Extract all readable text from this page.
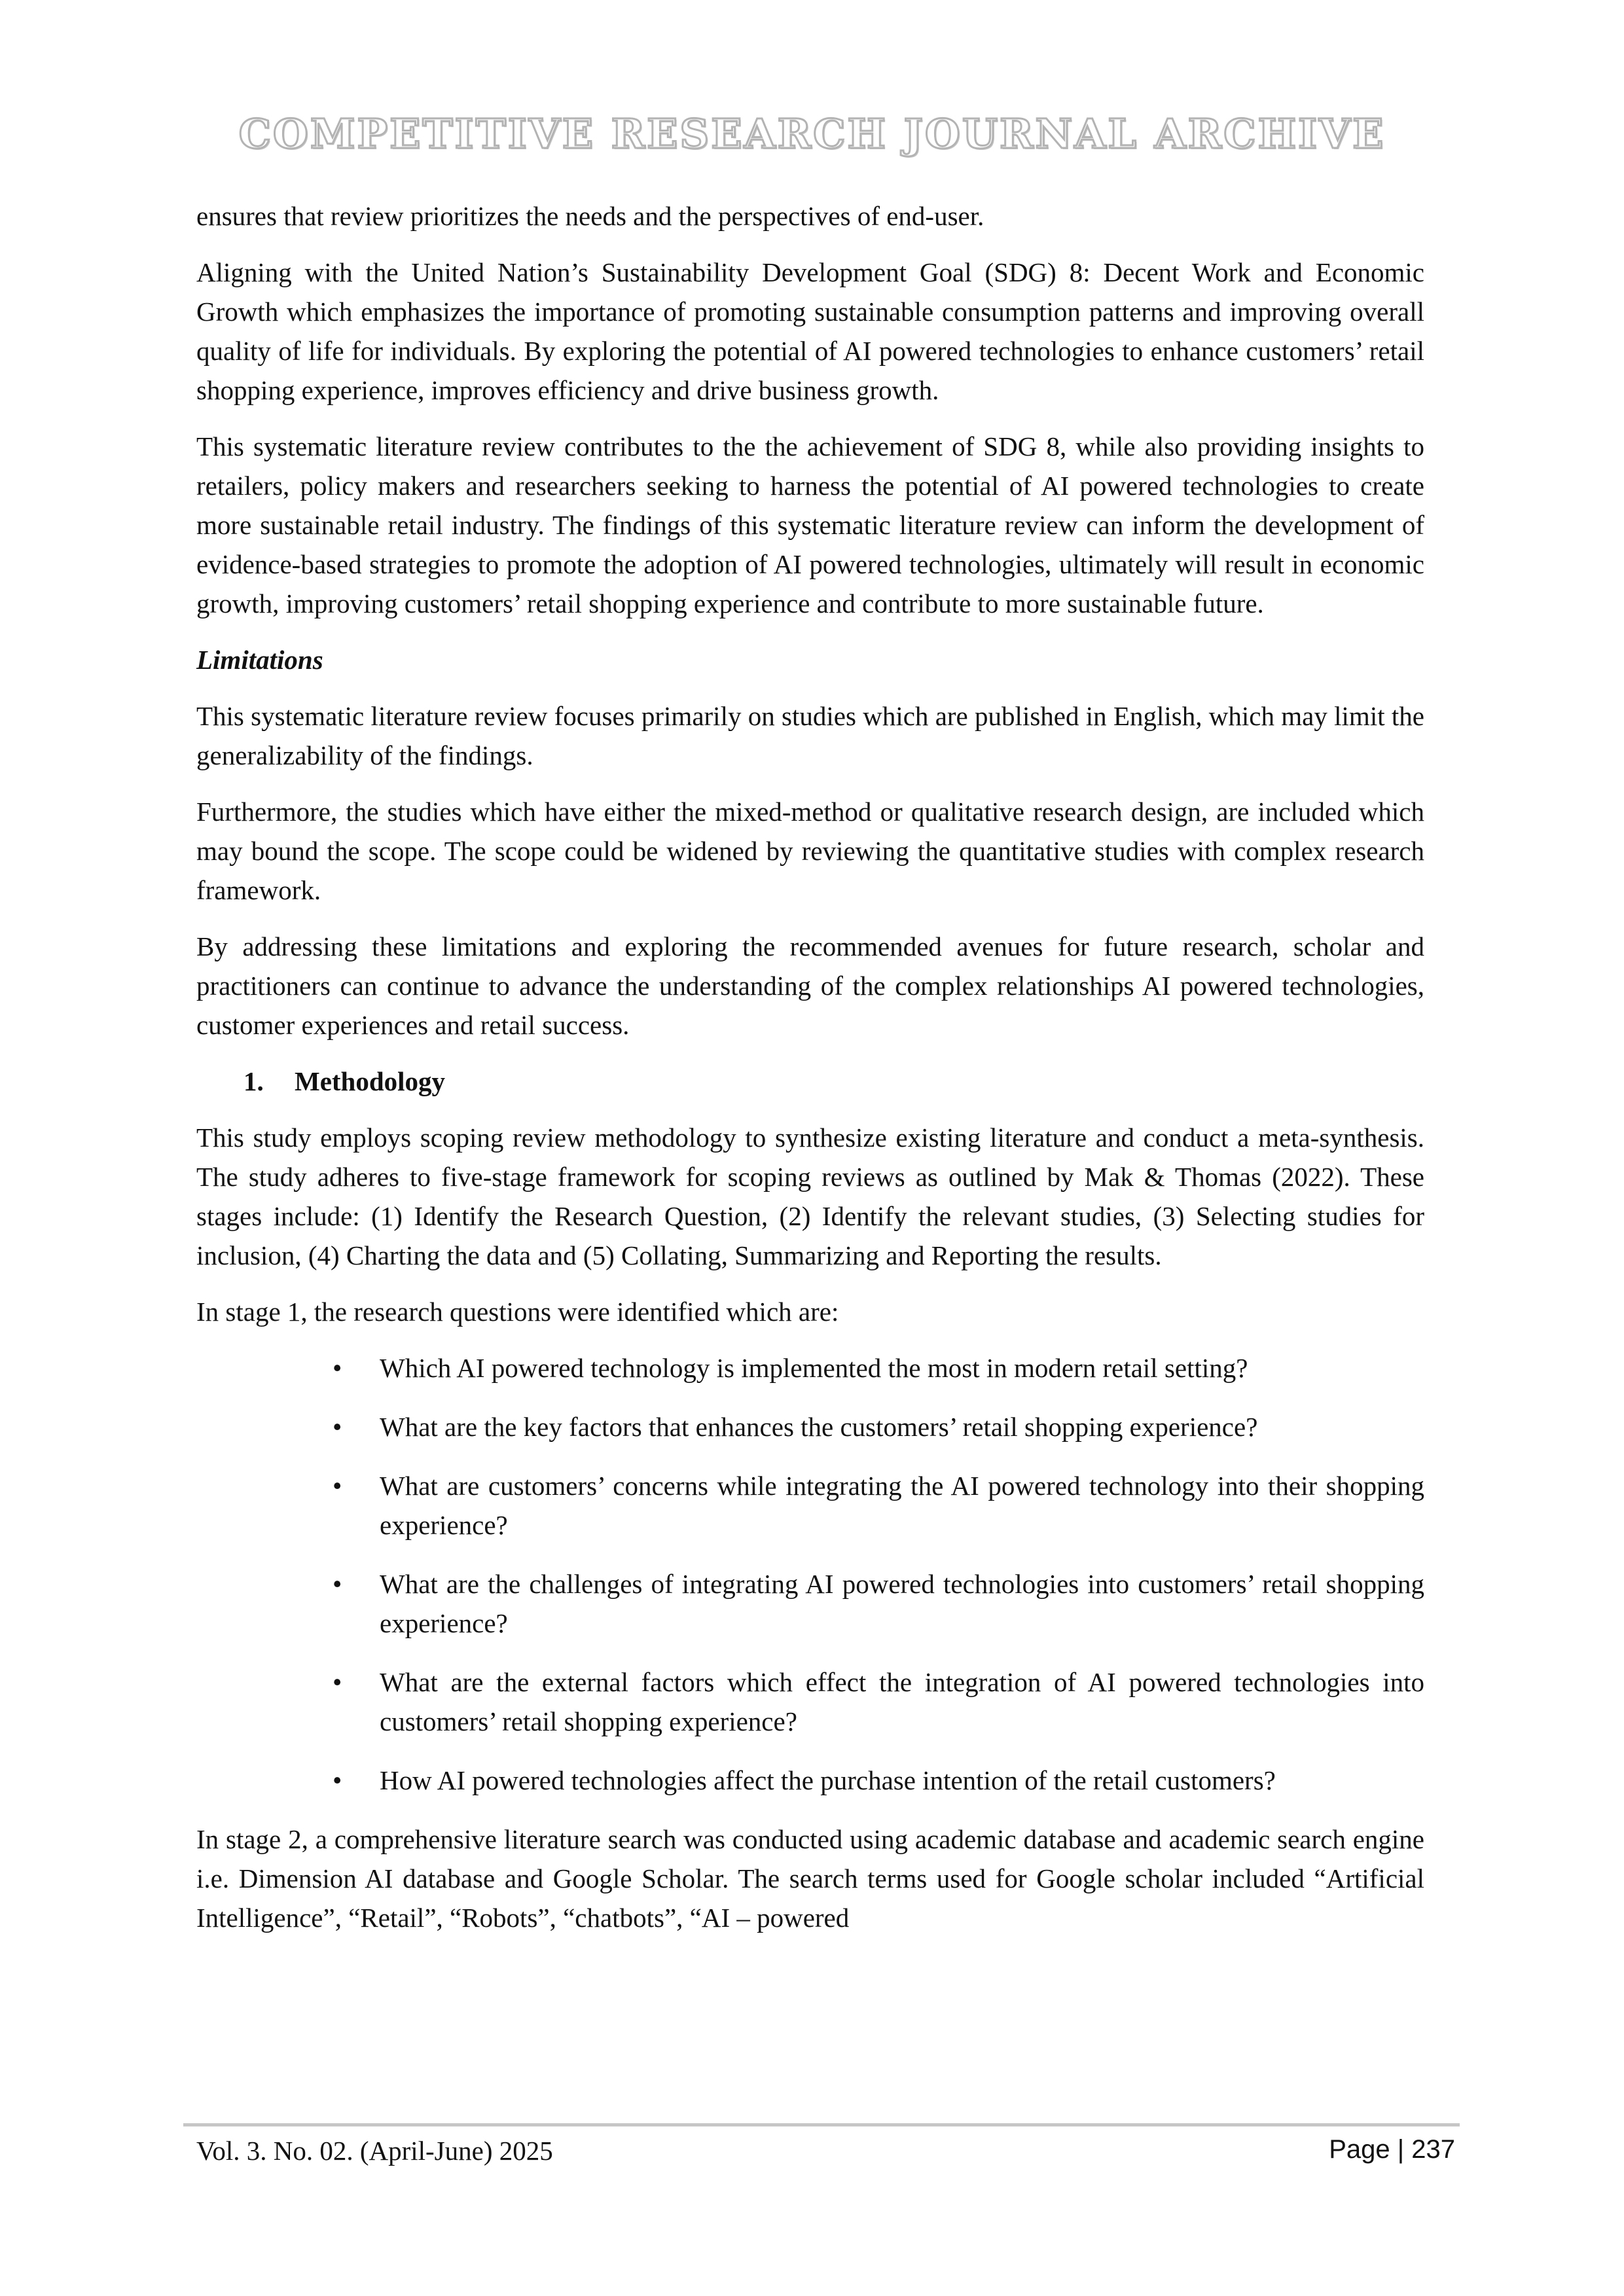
COMPETITIVE RESEARCH JOURNAL ARCHIVE

ensures that review prioritizes the needs and the perspectives of end-user.

Aligning with the United Nation’s Sustainability Development Goal (SDG) 8: Decent Work and Economic Growth which emphasizes the importance of promoting sustainable consumption patterns and improving overall quality of life for individuals. By exploring the potential of AI powered technologies to enhance customers’ retail shopping experience, improves efficiency and drive business growth.

This systematic literature review contributes to the the achievement of SDG 8, while also providing insights to retailers, policy makers and researchers seeking to harness the potential of AI powered technologies to create more sustainable retail industry. The findings of this systematic literature review can inform the development of evidence-based strategies to promote the adoption of AI powered technologies, ultimately will result in economic growth, improving customers’ retail shopping experience and contribute to more sustainable future.

Limitations

This systematic literature review focuses primarily on studies which are published in English, which may limit the generalizability of the findings.

Furthermore, the studies which have either the mixed-method or qualitative research design, are included which may bound the scope. The scope could be widened by reviewing the quantitative studies with complex research framework.

By addressing these limitations and exploring the recommended avenues for future research, scholar and practitioners can continue to advance the understanding of the complex relationships AI powered technologies, customer experiences and retail success.

1. Methodology

This study employs scoping review methodology to synthesize existing literature and conduct a meta-synthesis. The study adheres to five-stage framework for scoping reviews as outlined by Mak & Thomas (2022). These stages include: (1) Identify the Research Question, (2) Identify the relevant studies, (3) Selecting studies for inclusion, (4) Charting the data and (5) Collating, Summarizing and Reporting the results.

In stage 1, the research questions were identified which are:

• Which AI powered technology is implemented the most in modern retail setting?
• What are the key factors that enhances the customers’ retail shopping experience?
• What are customers’ concerns while integrating the AI powered technology into their shopping experience?
• What are the challenges of integrating AI powered technologies into customers’ retail shopping experience?
• What are the external factors which effect the integration of AI powered technologies into customers’ retail shopping experience?
• How AI powered technologies affect the purchase intention of the retail customers?

In stage 2, a comprehensive literature search was conducted using academic database and academic search engine i.e. Dimension AI database and Google Scholar. The search terms used for Google scholar included “Artificial Intelligence”, “Retail”, “Robots”, “chatbots”, “AI – powered

Vol. 3. No. 02. (April-June) 2025	Page | 237
